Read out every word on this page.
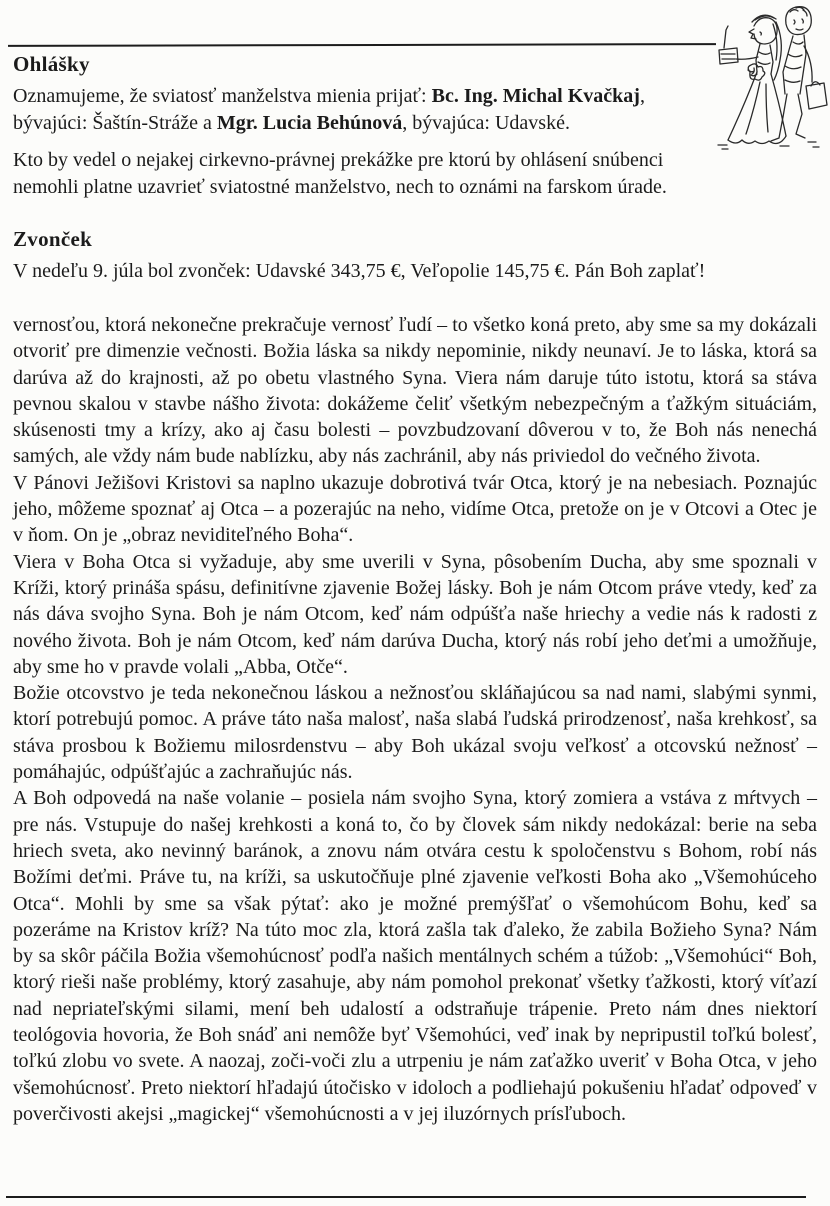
Ohlášky

Oznamujeme, že sviatosť manželstva mienia prijať: Bc. Ing. Michal Kvačkaj, bývajúci: Šaštín-Stráže a Mgr. Lucia Behúnová, bývajúca: Udavské.

Kto by vedel o nejakej cirkevno-právnej prekážke pre ktorú by ohlásení snúbenci nemohli platne uzavrieť sviatostné manželstvo, nech to oznámi na farskom úrade.

Zvonček

V nedeľu 9. júla bol zvonček: Udavské 343,75 €, Veľopolie 145,75 €. Pán Boh zaplať!

vernosťou, ktorá nekonečne prekračuje vernosť ľudí – to všetko koná preto, aby sme sa my dokázali otvoriť pre dimenzie večnosti. Božia láska sa nikdy nepominie, nikdy neunaví. Je to láska, ktorá sa darúva až do krajnosti, až po obetu vlastného Syna. Viera nám daruje túto istotu, ktorá sa stáva pevnou skalou v stavbe nášho života: dokážeme čeliť všetkým nebezpečným a ťažkým situáciám, skúsenosti tmy a krízy, ako aj času bolesti – povzbudzovaní dôverou v to, že Boh nás nenechá samých, ale vždy nám bude nablízku, aby nás zachránil, aby nás priviedol do večného života.

V Pánovi Ježišovi Kristovi sa naplno ukazuje dobrotivá tvár Otca, ktorý je na nebesiach. Poznajúc jeho, môžeme spoznať aj Otca – a pozerajúc na neho, vidíme Otca, pretože on je v Otcovi a Otec je v ňom. On je „obraz neviditeľného Boha“.

Viera v Boha Otca si vyžaduje, aby sme uverili v Syna, pôsobením Ducha, aby sme spoznali v Kríži, ktorý prináša spásu, definitívne zjavenie Božej lásky. Boh je nám Otcom práve vtedy, keď za nás dáva svojho Syna. Boh je nám Otcom, keď nám odpúšťa naše hriechy a vedie nás k radosti z nového života. Boh je nám Otcom, keď nám darúva Ducha, ktorý nás robí jeho deťmi a umožňuje, aby sme ho v pravde volali „Abba, Otče“.

Božie otcovstvo je teda nekonečnou láskou a nežnosťou skláňajúcou sa nad nami, slabými synmi, ktorí potrebujú pomoc. A práve táto naša malosť, naša slabá ľudská prirodzenosť, naša krehkosť, sa stáva prosbou k Božiemu milosrdenstvu – aby Boh ukázal svoju veľkosť a otcovskú nežnosť – pomáhajúc, odpúšťajúc a zachraňujúc nás.

A Boh odpovedá na naše volanie – posiela nám svojho Syna, ktorý zomiera a vstáva z mŕtvych – pre nás. Vstupuje do našej krehkosti a koná to, čo by človek sám nikdy nedokázal: berie na seba hriech sveta, ako nevinný baránok, a znovu nám otvára cestu k spoločenstvu s Bohom, robí nás Božími deťmi. Práve tu, na kríži, sa uskutočňuje plné zjavenie veľkosti Boha ako „Všemohúceho Otca“. Mohli by sme sa však pýtať: ako je možné premýšľať o všemohúcom Bohu, keď sa pozeráme na Kristov kríž? Na túto moc zla, ktorá zašla tak ďaleko, že zabila Božieho Syna? Nám by sa skôr páčila Božia všemohúcnosť podľa našich mentálnych schém a túžob: „Všemohúci“ Boh, ktorý rieši naše problémy, ktorý zasahuje, aby nám pomohol prekonať všetky ťažkosti, ktorý víťazí nad nepriateľskými silami, mení beh udalostí a odstraňuje trápenie. Preto nám dnes niektorí teológovia hovoria, že Boh snáď ani nemôže byť Všemohúci, veď inak by nepripustil toľkú bolesť, toľkú zlobu vo svete. A naozaj, zoči-voči zlu a utrpeniu je nám zaťažko uveriť v Boha Otca, v jeho všemohúcnosť. Preto niektorí hľadajú útočisko v idoloch a podliehajú pokušeniu hľadať odpoveď v poverčivosti akejsi „magickej“ všemohúcnosti a v jej iluzórnych prísľuboch.
